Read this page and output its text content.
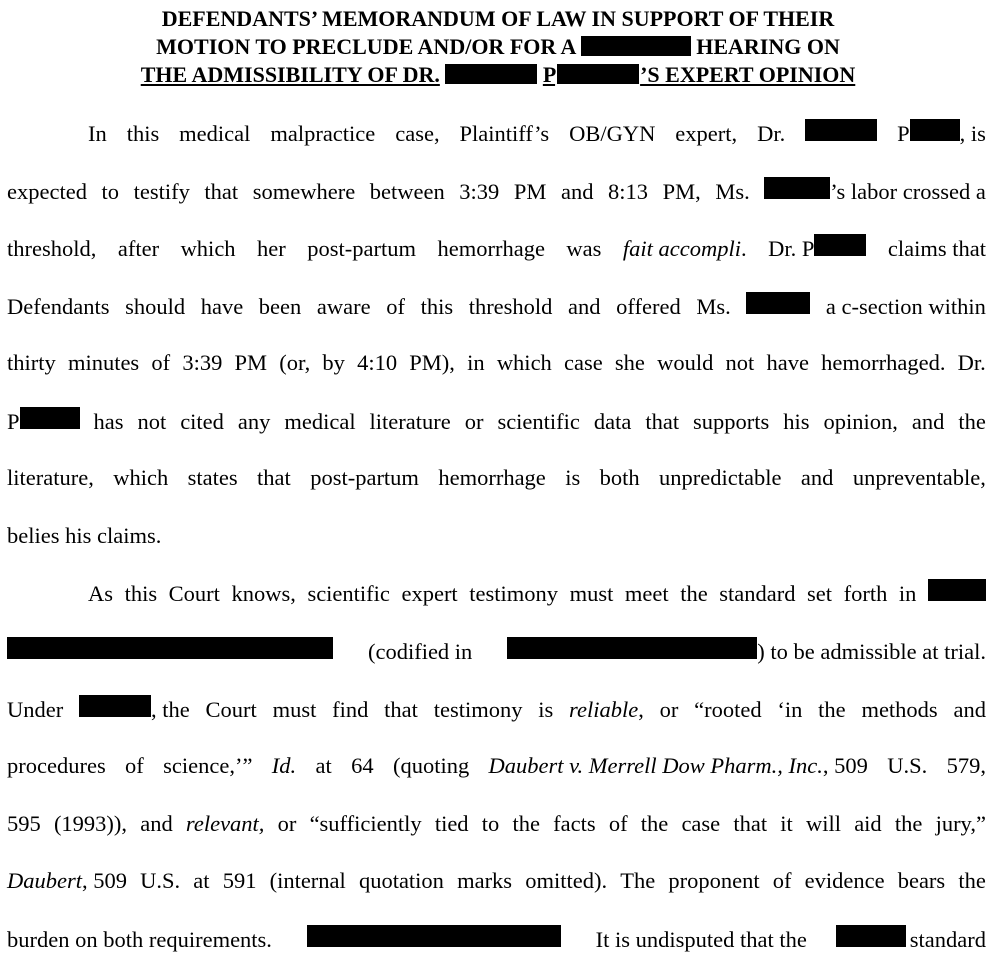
DEFENDANTS’ MEMORANDUM OF LAW IN SUPPORT OF THEIR
MOTION TO PRECLUDE AND/OR FOR A	HEARING ON
THE ADMISSIBILITY OF DR.	P	’S EXPERT OPINION
In this medical malpractice case, Plaintiff’s OB/GYN expert, Dr.	P , is
expected to testify that somewhere between 3:39 PM and 8:13 PM, Ms.	’s labor crossed a
threshold, after which her post-partum hemorrhage was fait accompli . Dr. P	claims that
Defendants should have been aware of this threshold and offered Ms.	a c-section within
thirty minutes of 3:39 PM (or, by 4:10 PM), in which case she would not have hemorrhaged. Dr.
P	has not cited any medical literature or scientific data that supports his opinion, and the
literature, which states that post-partum hemorrhage is both unpredictable and unpreventable,
belies his claims.
As this Court knows, scientific expert testimony must meet the standard set forth in
(codified in	) to be admissible at trial.
Under	, the Court must find that testimony is reliable , or “rooted ‘in the methods and
procedures of science,’” Id. at 64 (quoting Daubert v. Merrell Dow Pharm., Inc. , 509 U.S. 579,
595 (1993)), and relevant, or “sufficiently tied to the facts of the case that it will aid the jury,”
Daubert , 509 U.S. at 591 (internal quotation marks omitted). The proponent of evidence bears the
burden on both requirements.	It is undisputed that the	standard
